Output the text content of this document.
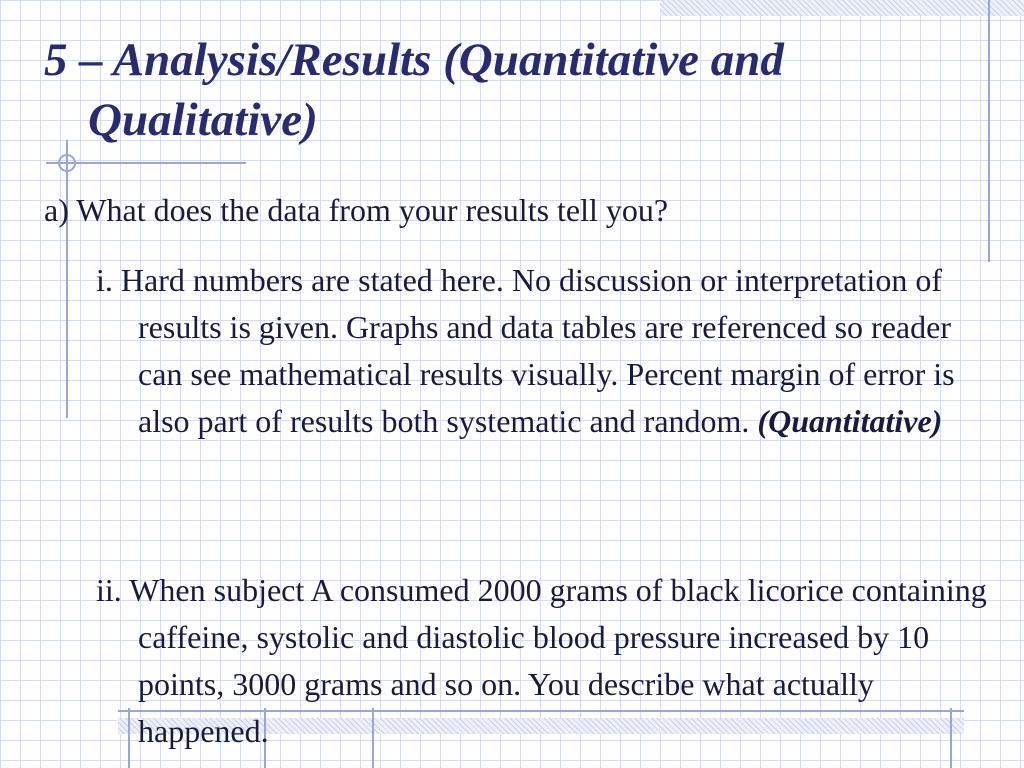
5 – Analysis/Results (Quantitative and Qualitative)

a) What does the data from your results tell you?

i. Hard numbers are stated here. No discussion or interpretation of results is given. Graphs and data tables are referenced so reader can see mathematical results visually. Percent margin of error is also part of results both systematic and random. (Quantitative)

ii. When subject A consumed 2000 grams of black licorice containing caffeine, systolic and diastolic blood pressure increased by 10 points, 3000 grams and so on. You describe what actually happened.
